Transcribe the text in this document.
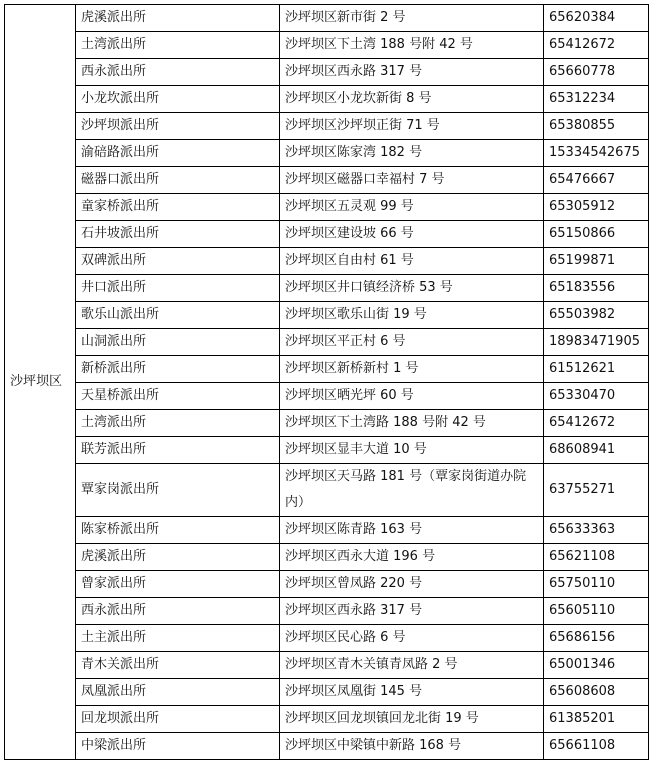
沙坪坝区	虎溪派出所	沙坪坝区新市街 2 号	65620384
	土湾派出所	沙坪坝区下土湾 188 号附 42 号	65412672
	西永派出所	沙坪坝区西永路 317 号	65660778
	小龙坎派出所	沙坪坝区小龙坎新街 8 号	65312234
	沙坪坝派出所	沙坪坝区沙坪坝正街 71 号	65380855
	渝碚路派出所	沙坪坝区陈家湾 182 号	15334542675
	磁器口派出所	沙坪坝区磁器口幸福村 7 号	65476667
	童家桥派出所	沙坪坝区五灵观 99 号	65305912
	石井坡派出所	沙坪坝区建设坡 66 号	65150866
	双碑派出所	沙坪坝区自由村 61 号	65199871
	井口派出所	沙坪坝区井口镇经济桥 53 号	65183556
	歌乐山派出所	沙坪坝区歌乐山街 19 号	65503982
	山洞派出所	沙坪坝区平正村 6 号	18983471905
	新桥派出所	沙坪坝区新桥新村 1 号	61512621
	天星桥派出所	沙坪坝区晒光坪 60 号	65330470
	土湾派出所	沙坪坝区下土湾路 188 号附 42 号	65412672
	联芳派出所	沙坪坝区显丰大道 10 号	68608941
	覃家岗派出所	沙坪坝区天马路 181 号（覃家岗街道办院内）	63755271
	陈家桥派出所	沙坪坝区陈青路 163 号	65633363
	虎溪派出所	沙坪坝区西永大道 196 号	65621108
	曾家派出所	沙坪坝区曾凤路 220 号	65750110
	西永派出所	沙坪坝区西永路 317 号	65605110
	土主派出所	沙坪坝区民心路 6 号	65686156
	青木关派出所	沙坪坝区青木关镇青凤路 2 号	65001346
	凤凰派出所	沙坪坝区凤凰街 145 号	65608608
	回龙坝派出所	沙坪坝区回龙坝镇回龙北街 19 号	61385201
	中梁派出所	沙坪坝区中梁镇中新路 168 号	65661108
